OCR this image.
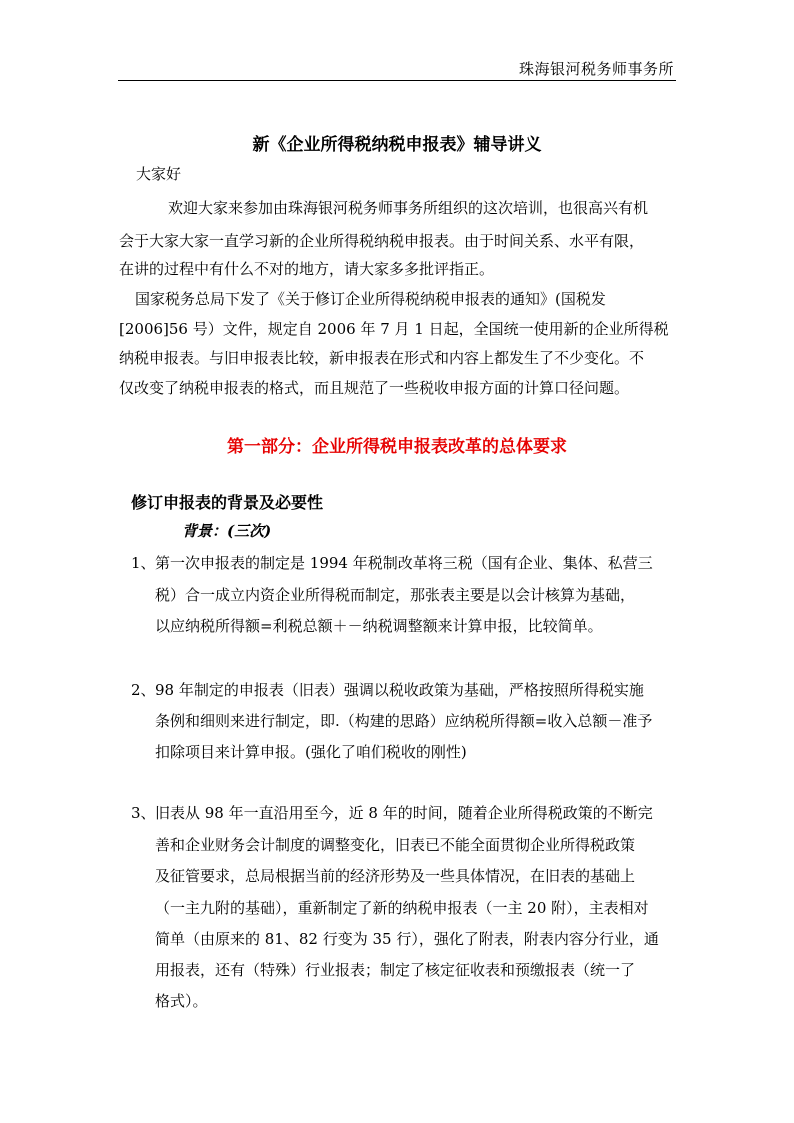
珠海银河税务师事务所
新《企业所得税纳税申报表》辅导讲义
大家好
欢迎大家来参加由珠海银河税务师事务所组织的这次培训，也很高兴有机
会于大家大家一直学习新的企业所得税纳税申报表。由于时间关系、水平有限，
在讲的过程中有什么不对的地方，请大家多多批评指正。
国家税务总局下发了《关于修订企业所得税纳税申报表的通知》(国税发
[2006]56 号）文件，规定自 2006 年 7 月 1 日起，全国统一使用新的企业所得税
纳税申报表。与旧申报表比较，新申报表在形式和内容上都发生了不少变化。不
仅改变了纳税申报表的格式，而且规范了一些税收申报方面的计算口径问题。
第一部分：企业所得税申报表改革的总体要求
修订申报表的背景及必要性
背景：(三次)
1、 第一次申报表的制定是 1994 年税制改革将三税（国有企业、集体、私营三
税）合一成立内资企业所得税而制定，那张表主要是以会计核算为基础，
以应纳税所得额=利税总额＋－纳税调整额来计算申报，比较简单。
2、 98 年制定的申报表（旧表）强调以税收政策为基础，严格按照所得税实施
条例和细则来进行制定，即.（构建的思路）应纳税所得额=收入总额－准予
扣除项目来计算申报。(强化了咱们税收的刚性)
3、 旧表从 98 年一直沿用至今，近 8 年的时间，随着企业所得税政策的不断完
善和企业财务会计制度的调整变化，旧表已不能全面贯彻企业所得税政策
及征管要求，总局根据当前的经济形势及一些具体情况，在旧表的基础上
（一主九附的基础），重新制定了新的纳税申报表（一主 20 附），主表相对
简单（由原来的 81、82 行变为 35 行），强化了附表，附表内容分行业，通
用报表，还有（特殊）行业报表；制定了核定征收表和预缴报表（统一了
格式）。
